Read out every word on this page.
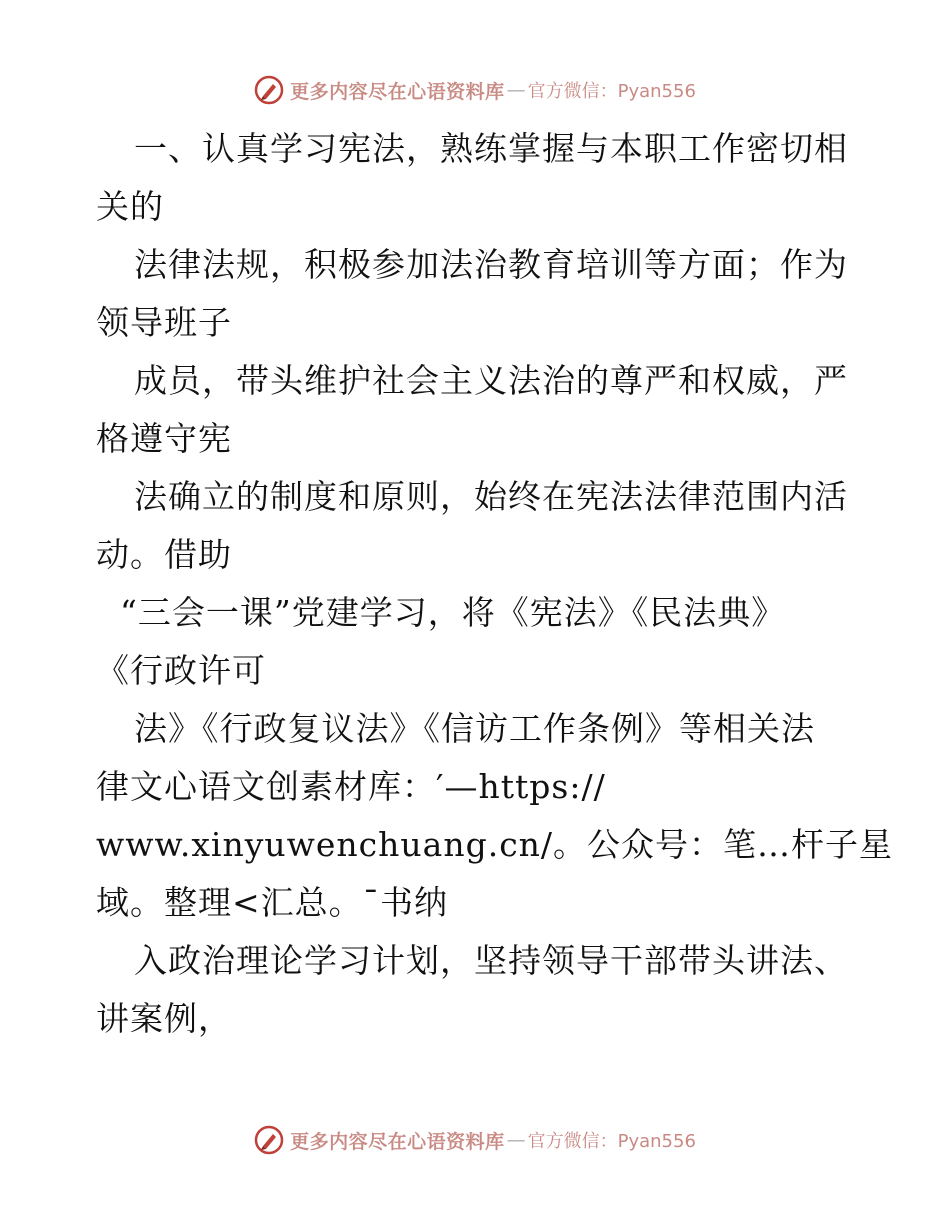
更多内容尽在心语资料库 — 官方微信：Pyan556
一、认真学习宪法，熟练掌握与本职工作密切相
关的
法律法规，积极参加法治教育培训等方面；作为
领导班子
成员，带头维护社会主义法治的尊严和权威，严
格遵守宪
法确立的制度和原则，始终在宪法法律范围内活
动。借助
“三会一课”党建学习，将《宪法》《民法典》
《行政许可
法》《行政复议法》《信访工作条例》等相关法
律文心语文创素材库：′—https://
www.xinyuwenchuang.cn/。公众号：笔…杆子星
域。整理<汇总。¯书纳
入政治理论学习计划，坚持领导干部带头讲法、
讲案例，
更多内容尽在心语资料库 — 官方微信：Pyan556
